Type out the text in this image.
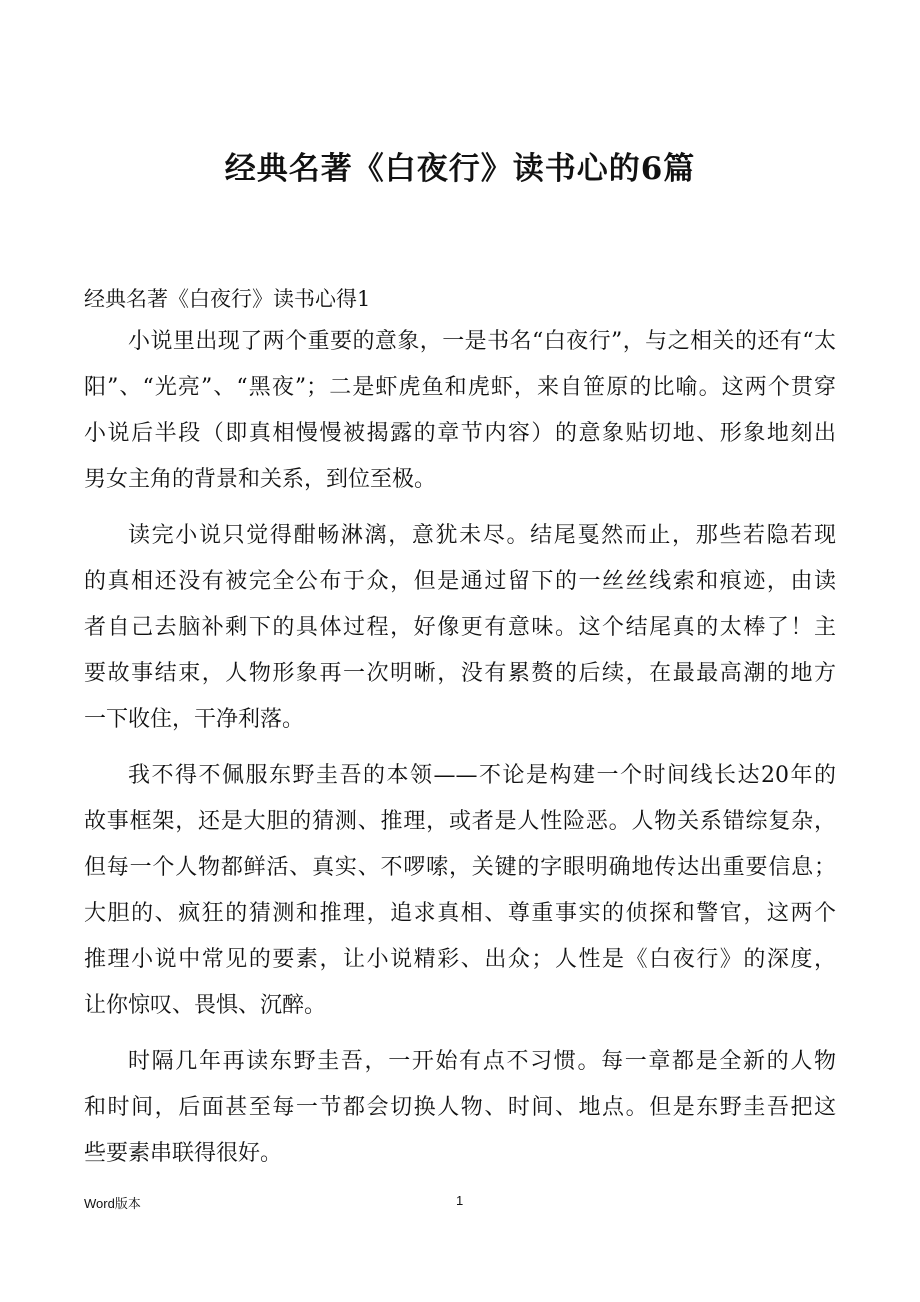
经典名著《白夜行》读书心的6篇
经典名著《白夜行》读书心得1
小说里出现了两个重要的意象，一是书名“白夜行”，与之相关的还有“太
阳”、“光亮”、“黑夜”；二是虾虎鱼和虎虾，来自笹原的比喻。这两个贯穿
小说后半段（即真相慢慢被揭露的章节内容）的意象贴切地、形象地刻出
男女主角的背景和关系，到位至极。
读完小说只觉得酣畅淋漓，意犹未尽。结尾戛然而止，那些若隐若现
的真相还没有被完全公布于众，但是通过留下的一丝丝线索和痕迹，由读
者自己去脑补剩下的具体过程，好像更有意味。这个结尾真的太棒了！主
要故事结束，人物形象再一次明晰，没有累赘的后续，在最最高潮的地方
一下收住，干净利落。
我不得不佩服东野圭吾的本领——不论是构建一个时间线长达20年的
故事框架，还是大胆的猜测、推理，或者是人性险恶。人物关系错综复杂，
但每一个人物都鲜活、真实、不啰嗦，关键的字眼明确地传达出重要信息；
大胆的、疯狂的猜测和推理，追求真相、尊重事实的侦探和警官，这两个
推理小说中常见的要素，让小说精彩、出众；人性是《白夜行》的深度，
让你惊叹、畏惧、沉醉。
时隔几年再读东野圭吾，一开始有点不习惯。每一章都是全新的人物
和时间，后面甚至每一节都会切换人物、时间、地点。但是东野圭吾把这
些要素串联得很好。
Word版本	1
